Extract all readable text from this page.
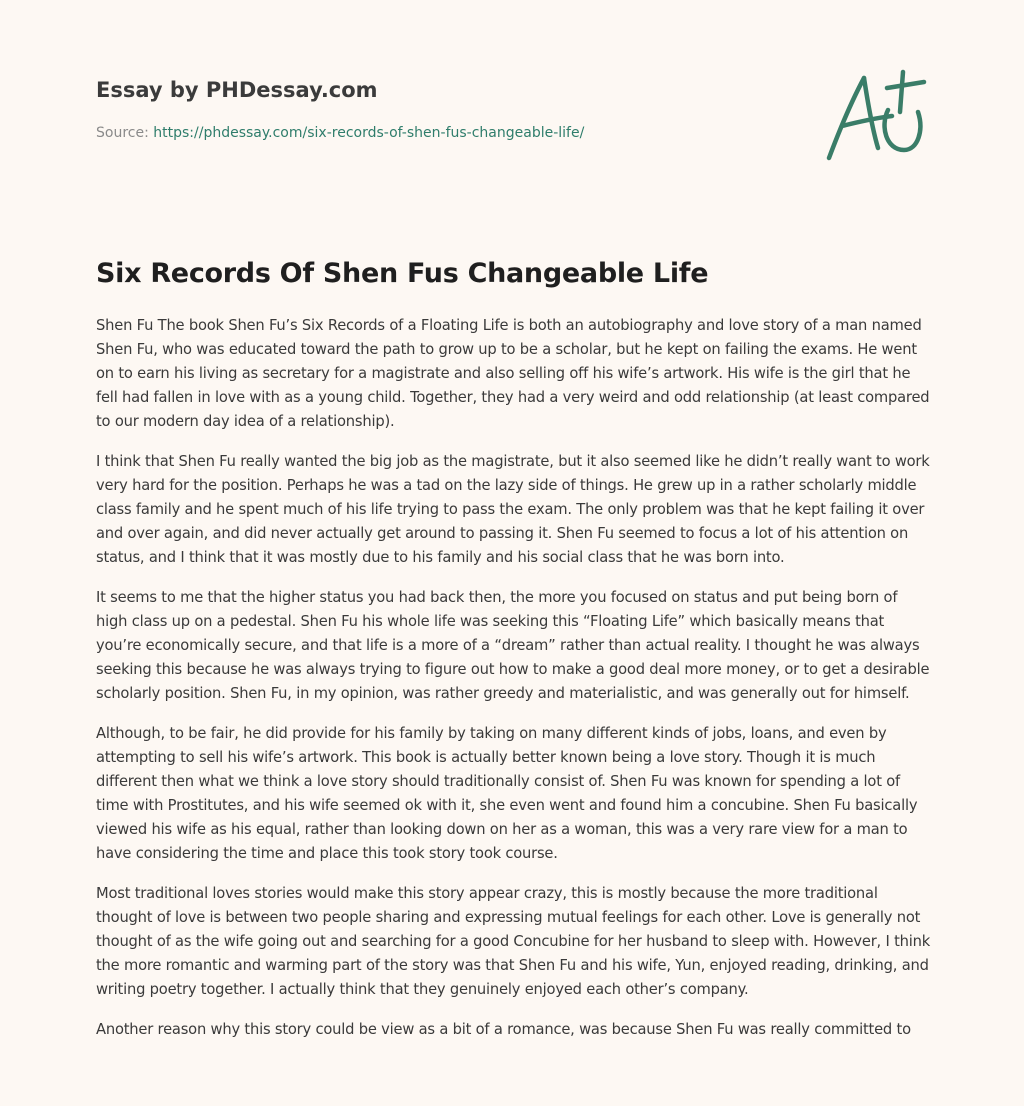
Essay by PHDessay.com
Source: https://phdessay.com/six-records-of-shen-fus-changeable-life/
Six Records Of Shen Fus Changeable Life

Shen Fu The book Shen Fu’s Six Records of a Floating Life is both an autobiography and love story of a man named Shen Fu, who was educated toward the path to grow up to be a scholar, but he kept on failing the exams. He went on to earn his living as secretary for a magistrate and also selling off his wife’s artwork. His wife is the girl that he fell had fallen in love with as a young child. Together, they had a very weird and odd relationship (at least compared to our modern day idea of a relationship).

I think that Shen Fu really wanted the big job as the magistrate, but it also seemed like he didn’t really want to work very hard for the position. Perhaps he was a tad on the lazy side of things. He grew up in a rather scholarly middle class family and he spent much of his life trying to pass the exam. The only problem was that he kept failing it over and over again, and did never actually get around to passing it. Shen Fu seemed to focus a lot of his attention on status, and I think that it was mostly due to his family and his social class that he was born into.

It seems to me that the higher status you had back then, the more you focused on status and put being born of high class up on a pedestal. Shen Fu his whole life was seeking this “Floating Life” which basically means that you’re economically secure, and that life is a more of a “dream” rather than actual reality. I thought he was always seeking this because he was always trying to figure out how to make a good deal more money, or to get a desirable scholarly position. Shen Fu, in my opinion, was rather greedy and materialistic, and was generally out for himself.

Although, to be fair, he did provide for his family by taking on many different kinds of jobs, loans, and even by attempting to sell his wife’s artwork. This book is actually better known being a love story. Though it is much different then what we think a love story should traditionally consist of. Shen Fu was known for spending a lot of time with Prostitutes, and his wife seemed ok with it, she even went and found him a concubine. Shen Fu basically viewed his wife as his equal, rather than looking down on her as a woman, this was a very rare view for a man to have considering the time and place this took story took course.

Most traditional loves stories would make this story appear crazy, this is mostly because the more traditional thought of love is between two people sharing and expressing mutual feelings for each other. Love is generally not thought of as the wife going out and searching for a good Concubine for her husband to sleep with. However, I think the more romantic and warming part of the story was that Shen Fu and his wife, Yun, enjoyed reading, drinking, and writing poetry together. I actually think that they genuinely enjoyed each other’s company.

Another reason why this story could be view as a bit of a romance, was because Shen Fu was really committed to
